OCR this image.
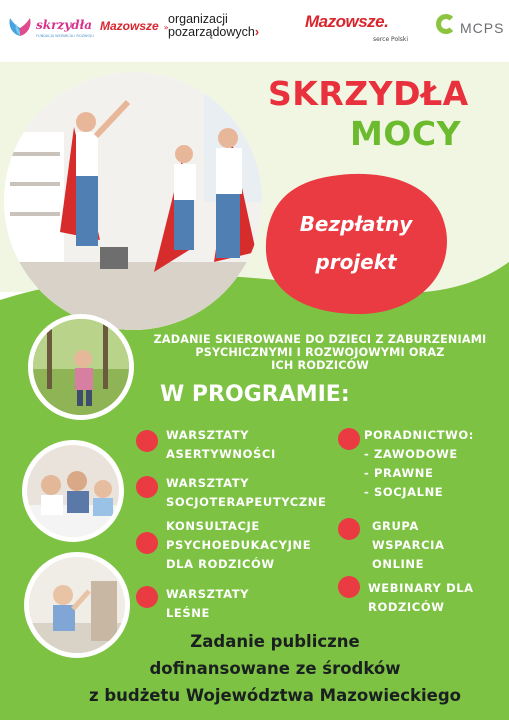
skrzydła
FUNDACJA WSPARCIA I ROZWOJU
Mazowsze »
organizacji
pozarządowych›
Mazowsze.
serce Polski
MCPS
SKRZYDŁA
MOCY
Bezpłatny
projekt
ZADANIE SKIEROWANE DO DZIECI Z ZABURZENIAMI
PSYCHICZNYMI I ROZWOJOWYMI ORAZ
ICH RODZICÓW
W PROGRAMIE:
WARSZTATY
ASERTYWNOŚCI
WARSZTATY
SOCJOTERAPEUTYCZNE
KONSULTACJE
PSYCHOEDUKACYJNE
DLA RODZICÓW
WARSZTATY
LEŚNE
PORADNICTWO:
- ZAWODOWE
- PRAWNE
- SOCJALNE
GRUPA
WSPARCIA
ONLINE
WEBINARY DLA
RODZICÓW
Zadanie publiczne
dofinansowane ze środków
z budżetu Województwa Mazowieckiego
